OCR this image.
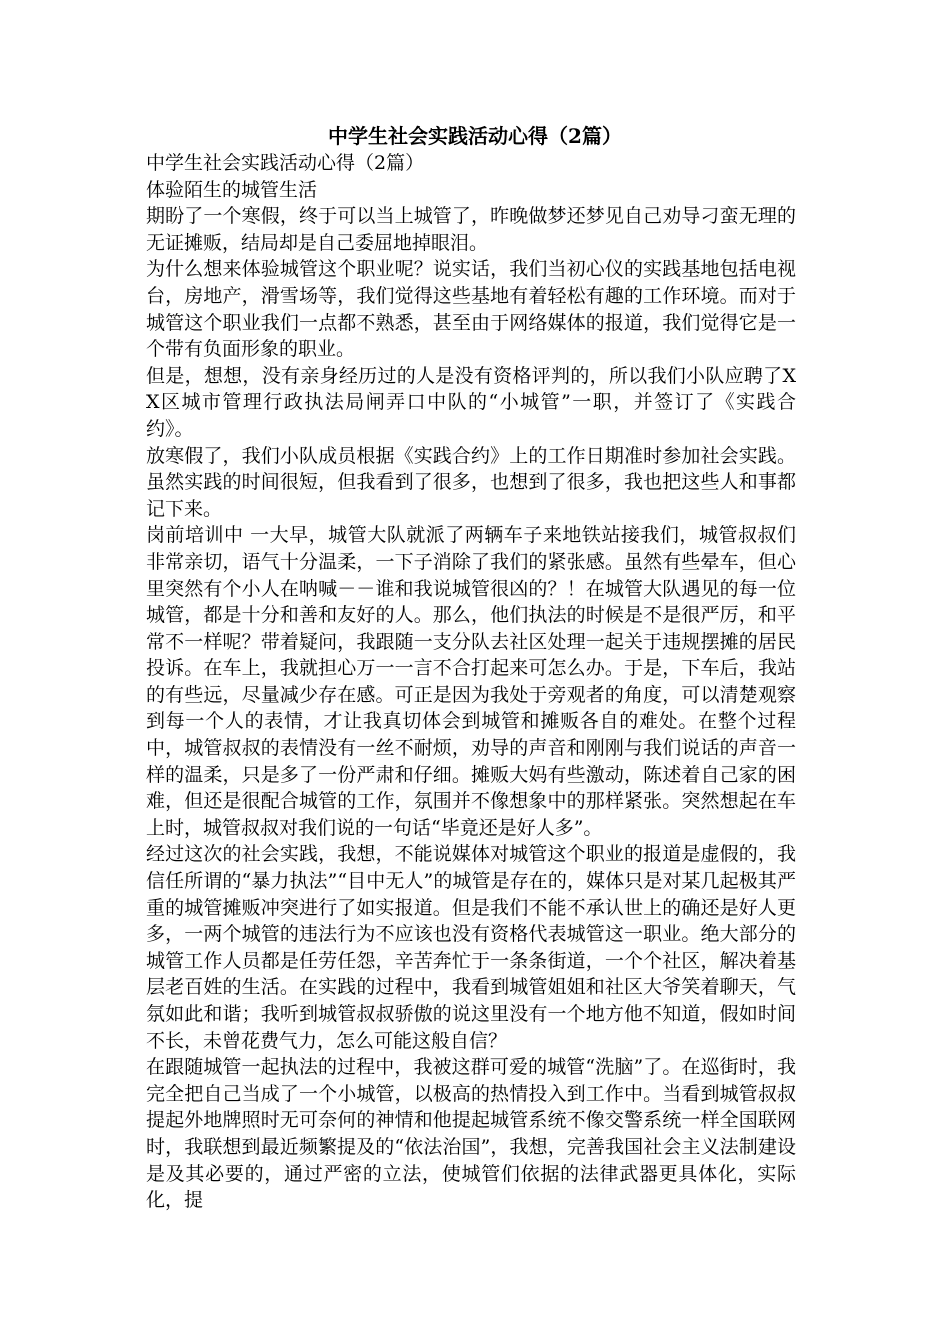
中学生社会实践活动心得（2篇）

中学生社会实践活动心得（2篇）

体验陌生的城管生活

期盼了一个寒假，终于可以当上城管了，昨晚做梦还梦见自己劝导刁蛮无理的无证摊贩，结局却是自己委屈地掉眼泪。

为什么想来体验城管这个职业呢？说实话，我们当初心仪的实践基地包括电视台，房地产，滑雪场等，我们觉得这些基地有着轻松有趣的工作环境。而对于城管这个职业我们一点都不熟悉，甚至由于网络媒体的报道，我们觉得它是一个带有负面形象的职业。

但是，想想，没有亲身经历过的人是没有资格评判的，所以我们小队应聘了XX区城市管理行政执法局闸弄口中队的“小城管”一职，并签订了《实践合约》。

放寒假了，我们小队成员根据《实践合约》上的工作日期准时参加社会实践。虽然实践的时间很短，但我看到了很多，也想到了很多，我也把这些人和事都记下来。

岗前培训中 一大早，城管大队就派了两辆车子来地铁站接我们，城管叔叔们非常亲切，语气十分温柔，一下子消除了我们的紧张感。虽然有些晕车，但心里突然有个小人在呐喊－－谁和我说城管很凶的？！在城管大队遇见的每一位城管，都是十分和善和友好的人。那么，他们执法的时候是不是很严厉，和平常不一样呢？带着疑问，我跟随一支分队去社区处理一起关于违规摆摊的居民投诉。在车上，我就担心万一一言不合打起来可怎么办。于是，下车后，我站的有些远，尽量减少存在感。可正是因为我处于旁观者的角度，可以清楚观察到每一个人的表情，才让我真切体会到城管和摊贩各自的难处。在整个过程中，城管叔叔的表情没有一丝不耐烦，劝导的声音和刚刚与我们说话的声音一样的温柔，只是多了一份严肃和仔细。摊贩大妈有些激动，陈述着自己家的困难，但还是很配合城管的工作，氛围并不像想象中的那样紧张。突然想起在车上时，城管叔叔对我们说的一句话“毕竟还是好人多”。

经过这次的社会实践，我想，不能说媒体对城管这个职业的报道是虚假的，我信任所谓的“暴力执法”“目中无人”的城管是存在的，媒体只是对某几起极其严重的城管摊贩冲突进行了如实报道。但是我们不能不承认世上的确还是好人更多，一两个城管的违法行为不应该也没有资格代表城管这一职业。绝大部分的城管工作人员都是任劳任怨，辛苦奔忙于一条条街道，一个个社区，解决着基层老百姓的生活。在实践的过程中，我看到城管姐姐和社区大爷笑着聊天，气氛如此和谐；我听到城管叔叔骄傲的说这里没有一个地方他不知道，假如时间不长，未曾花费气力，怎么可能这般自信？

在跟随城管一起执法的过程中，我被这群可爱的城管“洗脑”了。在巡街时，我完全把自己当成了一个小城管，以极高的热情投入到工作中。当看到城管叔叔提起外地牌照时无可奈何的神情和他提起城管系统不像交警系统一样全国联网时，我联想到最近频繁提及的“依法治国”，我想，完善我国社会主义法制建设是及其必要的，通过严密的立法，使城管们依据的法律武器更具体化，实际化，提
